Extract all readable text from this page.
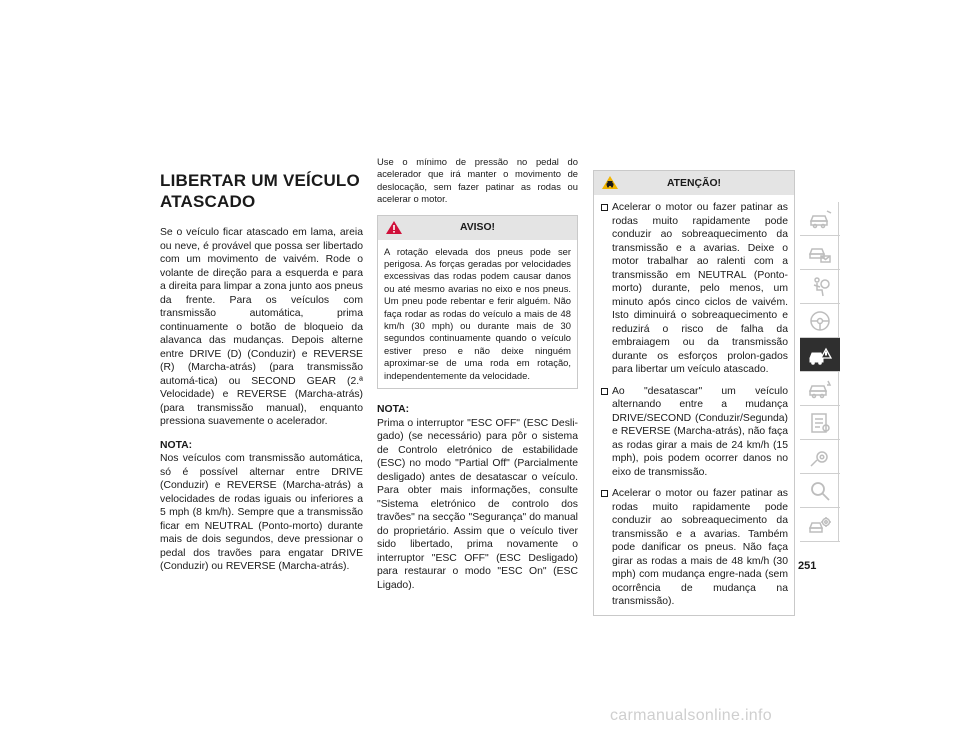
LIBERTAR UM VEÍCULO ATASCADO

Se o veículo ficar atascado em lama, areia ou neve, é provável que possa ser libertado com um movimento de vaivém. Rode o volante de direção para a esquerda e para a direita para limpar a zona junto aos pneus da frente. Para os veículos com transmissão automática, prima continuamente o botão de bloqueio da alavanca das mudanças. Depois alterne entre DRIVE (D) (Conduzir) e REVERSE (R) (Marcha-atrás) (para transmissão automá-tica) ou SECOND GEAR (2.ª Velocidade) e REVERSE (Marcha-atrás) (para transmissão manual), enquanto pressiona suavemente o acelerador.

NOTA:

Nos veículos com transmissão automática, só é possível alternar entre DRIVE (Conduzir) e REVERSE (Marcha-atrás) a velocidades de rodas iguais ou inferiores a 5 mph (8 km/h). Sempre que a transmissão ficar em NEUTRAL (Ponto-morto) durante mais de dois segundos, deve pressionar o pedal dos travões para engatar DRIVE (Conduzir) ou REVERSE (Marcha-atrás).

Use o mínimo de pressão no pedal do acelerador que irá manter o movimento de deslocação, sem fazer patinar as rodas ou acelerar o motor.

AVISO!

A rotação elevada dos pneus pode ser perigosa. As forças geradas por velocidades excessivas das rodas podem causar danos ou até mesmo avarias no eixo e nos pneus. Um pneu pode rebentar e ferir alguém. Não faça rodar as rodas do veículo a mais de 48 km/h (30 mph) ou durante mais de 30 segundos continuamente quando o veículo estiver preso e não deixe ninguém aproximar-se de uma roda em rotação, independentemente da velocidade.

NOTA:

Prima o interruptor "ESC OFF" (ESC Desli-gado) (se necessário) para pôr o sistema de Controlo eletrónico de estabilidade (ESC) no modo "Partial Off" (Parcialmente desligado) antes de desatascar o veículo. Para obter mais informações, consulte "Sistema eletrónico de controlo dos travões" na secção "Segurança" do manual do proprietário. Assim que o veículo tiver sido libertado, prima novamente o interruptor "ESC OFF" (ESC Desligado) para restaurar o modo "ESC On" (ESC Ligado).

ATENÇÃO!
Acelerar o motor ou fazer patinar as rodas muito rapidamente pode conduzir ao sobreaquecimento da transmissão e a avarias. Deixe o motor trabalhar ao ralenti com a transmissão em NEUTRAL (Ponto-morto) durante, pelo menos, um minuto após cinco ciclos de vaivém. Isto diminuirá o sobreaquecimento e reduzirá o risco de falha da embraiagem ou da transmissão durante os esforços prolon-gados para libertar um veículo atascado.
Ao "desatascar" um veículo alternando entre a mudança DRIVE/SECOND (Conduzir/Segunda) e REVERSE (Marcha-atrás), não faça as rodas girar a mais de 24 km/h (15 mph), pois podem ocorrer danos no eixo de transmissão.
Acelerar o motor ou fazer patinar as rodas muito rapidamente pode conduzir ao sobreaquecimento da transmissão e a avarias. Também pode danificar os pneus. Não faça girar as rodas a mais de 48 km/h (30 mph) com mudança engre-nada (sem ocorrência de mudança na transmissão).
251
carmanualsonline.info
